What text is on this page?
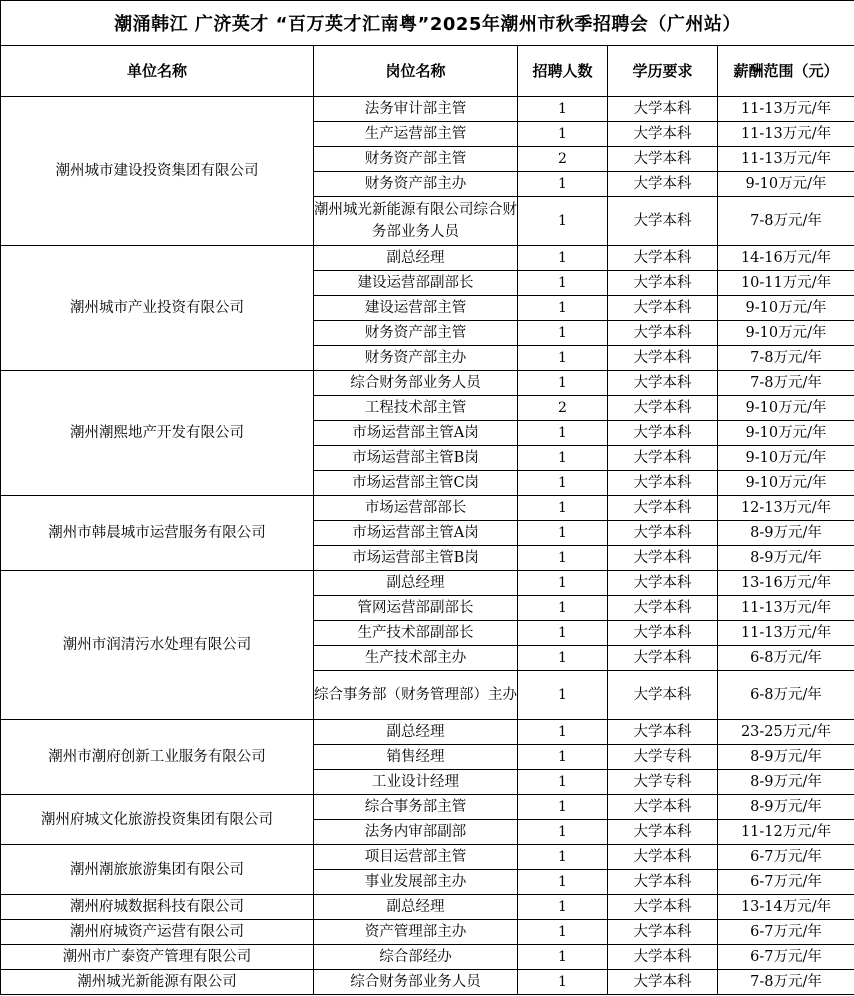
潮涌韩江 广济英才 “百万英才汇南粤”2025年潮州市秋季招聘会（广州站）				
单位名称	岗位名称	招聘人数	学历要求	薪酬范围（元）
潮州城市建设投资集团有限公司	法务审计部主管	1	大学本科	11-13万元/年
	生产运营部主管	1	大学本科	11-13万元/年
	财务资产部主管	2	大学本科	11-13万元/年
	财务资产部主办	1	大学本科	9-10万元/年
	潮州城光新能源有限公司综合财务部业务人员	1	大学本科	7-8万元/年
潮州城市产业投资有限公司	副总经理	1	大学本科	14-16万元/年
	建设运营部副部长	1	大学本科	10-11万元/年
	建设运营部主管	1	大学本科	9-10万元/年
	财务资产部主管	1	大学本科	9-10万元/年
	财务资产部主办	1	大学本科	7-8万元/年
潮州潮熙地产开发有限公司	综合财务部业务人员	1	大学本科	7-8万元/年
	工程技术部主管	2	大学本科	9-10万元/年
	市场运营部主管A岗	1	大学本科	9-10万元/年
	市场运营部主管B岗	1	大学本科	9-10万元/年
	市场运营部主管C岗	1	大学本科	9-10万元/年
潮州市韩晨城市运营服务有限公司	市场运营部部长	1	大学本科	12-13万元/年
	市场运营部主管A岗	1	大学本科	8-9万元/年
	市场运营部主管B岗	1	大学本科	8-9万元/年
潮州市润清污水处理有限公司	副总经理	1	大学本科	13-16万元/年
	管网运营部副部长	1	大学本科	11-13万元/年
	生产技术部副部长	1	大学本科	11-13万元/年
	生产技术部主办	1	大学本科	6-8万元/年
	综合事务部（财务管理部）主办	1	大学本科	6-8万元/年
潮州市潮府创新工业服务有限公司	副总经理	1	大学本科	23-25万元/年
	销售经理	1	大学专科	8-9万元/年
	工业设计经理	1	大学专科	8-9万元/年
潮州府城文化旅游投资集团有限公司	综合事务部主管	1	大学本科	8-9万元/年
	法务内审部副部	1	大学本科	11-12万元/年
潮州潮旅旅游集团有限公司	项目运营部主管	1	大学本科	6-7万元/年
	事业发展部主办	1	大学本科	6-7万元/年
潮州府城数据科技有限公司	副总经理	1	大学本科	13-14万元/年
潮州府城资产运营有限公司	资产管理部主办	1	大学本科	6-7万元/年
潮州市广泰资产管理有限公司	综合部经办	1	大学本科	6-7万元/年
潮州城光新能源有限公司	综合财务部业务人员	1	大学本科	7-8万元/年
